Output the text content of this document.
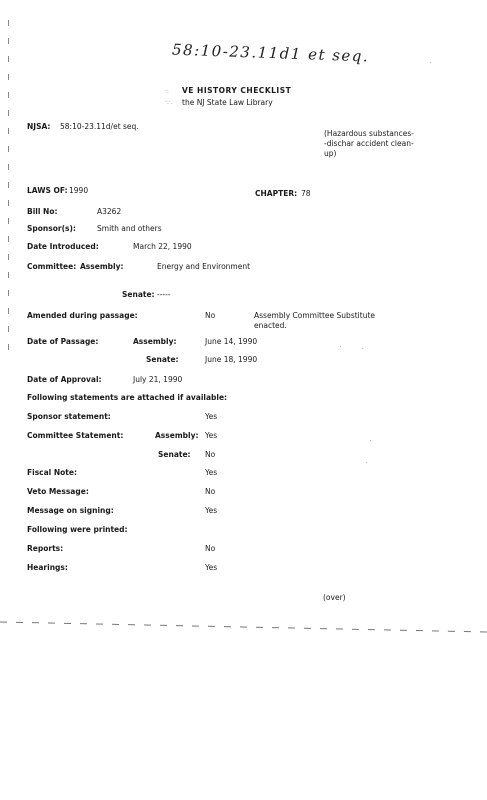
58:10-23.11d1 et seq.
·:
·:·.
VE HISTORY CHECKLIST
the NJ State Law Library
NJSA: 58:10-23.11d/et seq.
(Hazardous substances--dischar accident clean-up)
LAWS OF: 1990	CHAPTER: 78
Bill No:	A3262
Sponsor(s):	Smith and others
Date Introduced:	March 22, 1990
Committee: Assembly:	Energy and Environment
Senate: -----
Amended during passage:	No	Assembly Committee Substitute enacted.
Date of Passage:	Assembly:	June 14, 1990
Senate:	June 18, 1990
Date of Approval:	July 21, 1990
Following statements are attached if available:
Sponsor statement:	Yes
Committee Statement:	Assembly: Yes
Senate: No
Fiscal Note:	Yes
Veto Message:	No
Message on signing:	Yes
Following were printed:
Reports:	No
Hearings:	Yes
(over)
